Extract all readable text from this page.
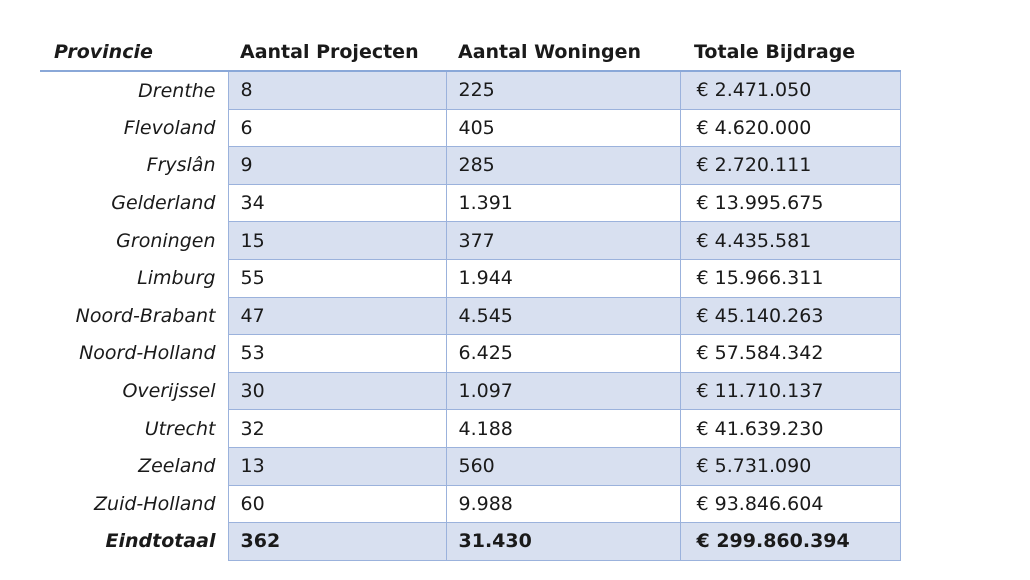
Provincie	Aantal Projecten	Aantal Woningen	Totale Bijdrage
Drenthe	8	225	€ 2.471.050
Flevoland	6	405	€ 4.620.000
Fryslân	9	285	€ 2.720.111
Gelderland	34	1.391	€ 13.995.675
Groningen	15	377	€ 4.435.581
Limburg	55	1.944	€ 15.966.311
Noord-Brabant	47	4.545	€ 45.140.263
Noord-Holland	53	6.425	€ 57.584.342
Overijssel	30	1.097	€ 11.710.137
Utrecht	32	4.188	€ 41.639.230
Zeeland	13	560	€ 5.731.090
Zuid-Holland	60	9.988	€ 93.846.604
Eindtotaal	362	31.430	€ 299.860.394
